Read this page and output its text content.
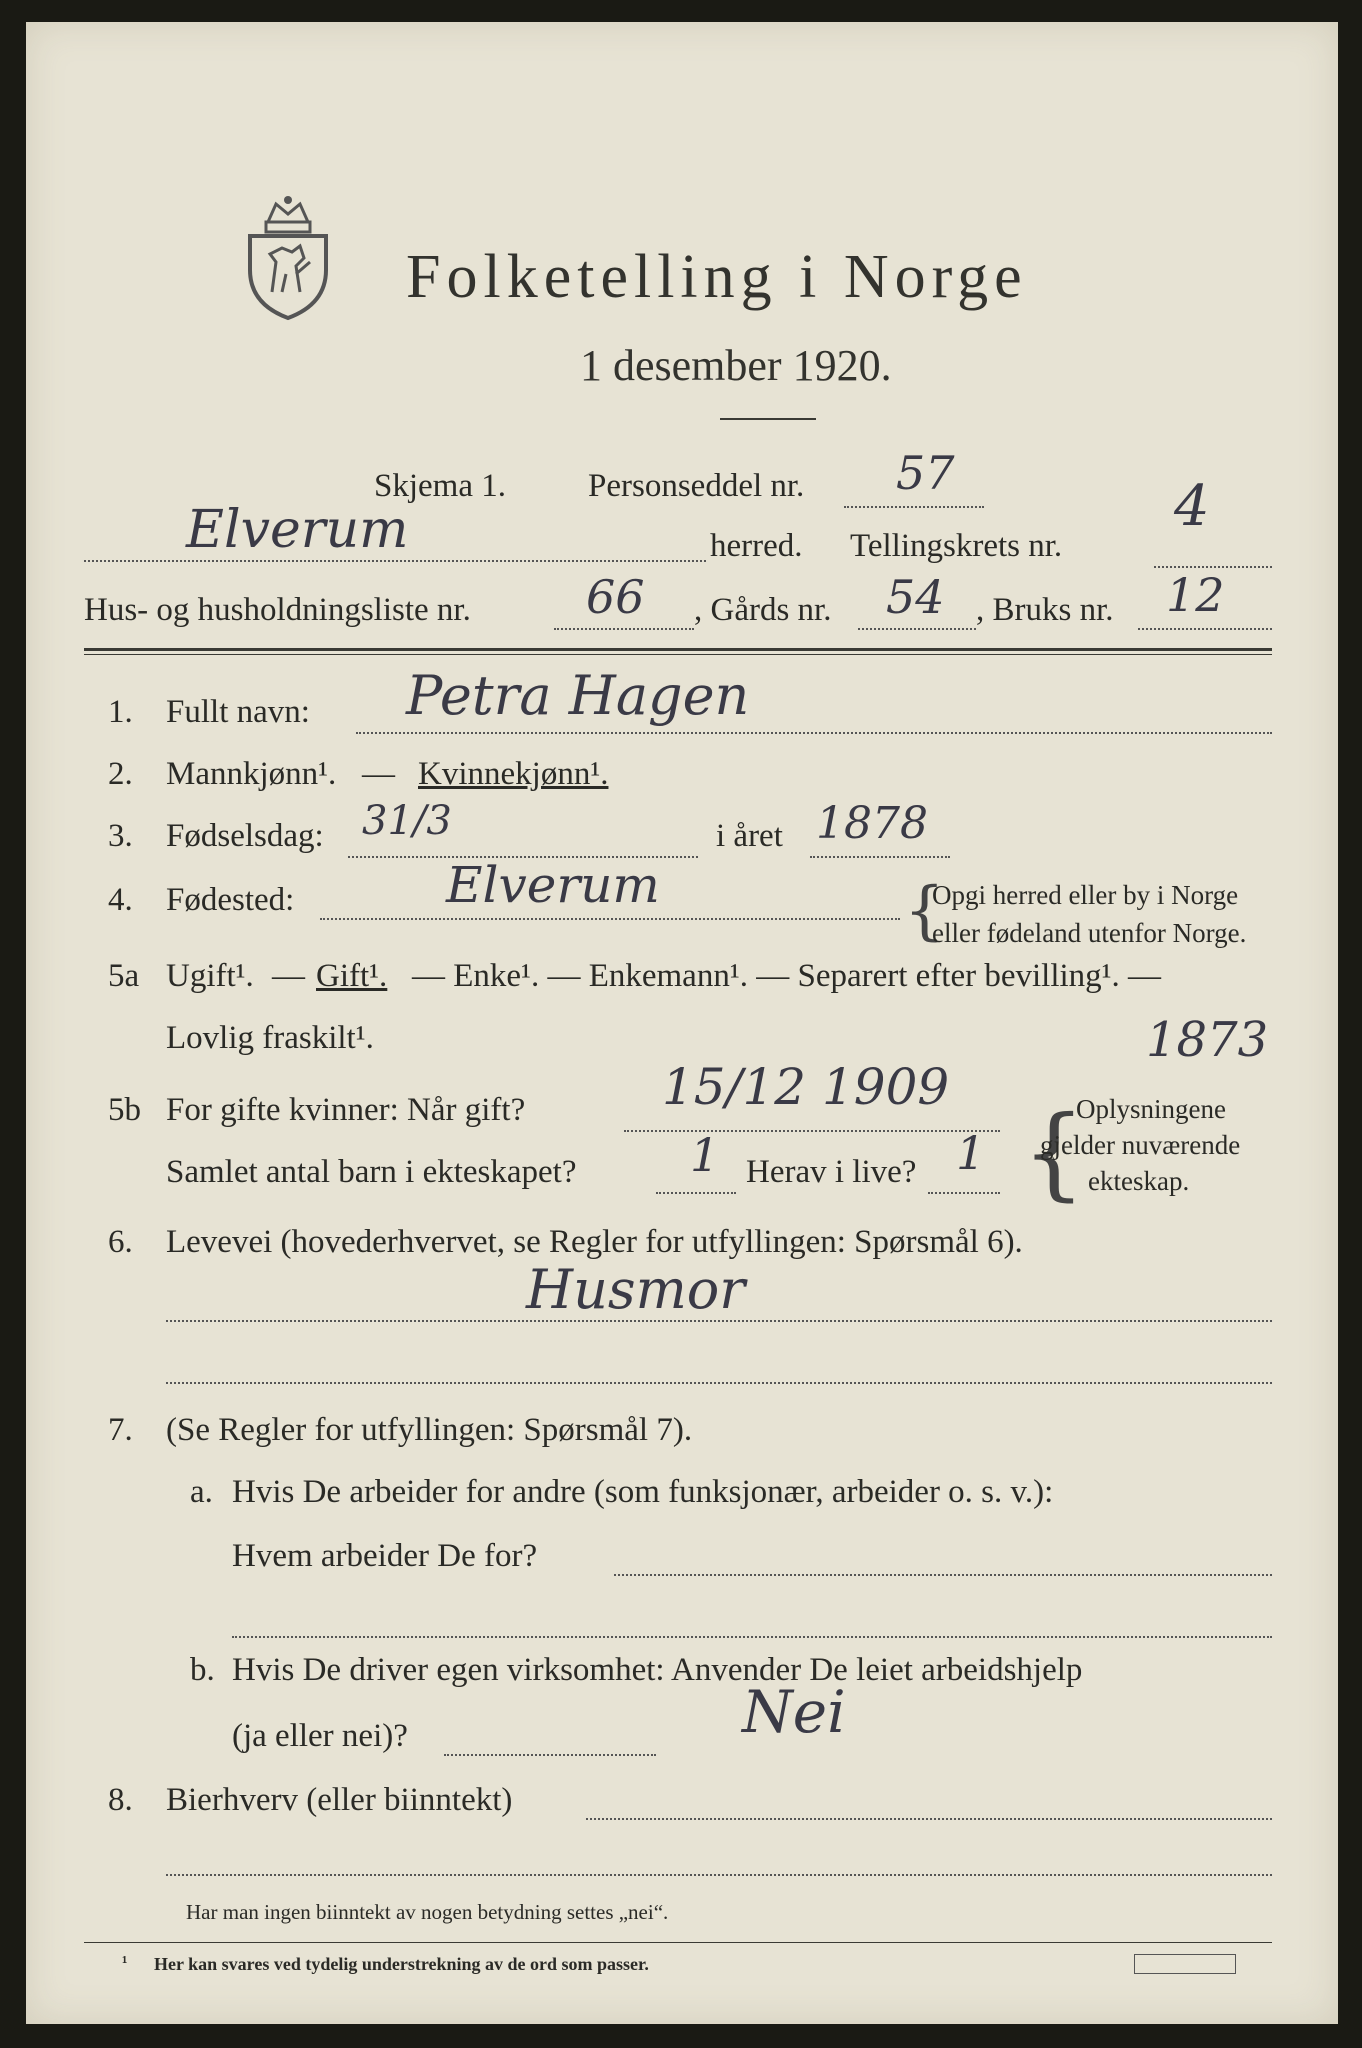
Folketelling i Norge
1 desember 1920.
Skjema 1. Personseddel nr. 57
Elverum	herred. Tellingskrets nr.
4
Hus- og husholdningsliste nr.	66 , Gårds nr. 54 , Bruks nr. 12
1. Fullt navn: Petra Hagen
2. Mannkjønn¹. — Kvinnekjønn¹.
3. Fødselsdag: 31/3	i året 1878
4. Fødested:	Elverum	{
Opgi herred eller by i Norge
eller fødeland utenfor Norge.
5a Ugift¹. — Gift¹. — Enke¹. — Enkemann¹. — Separert efter bevilling¹. —
Lovlig fraskilt¹.
5b For gifte kvinner: Når gift?	15/12 1909
1873
Samlet antal barn i ekteskapet? 1 Herav i live? 1 {
Oplysningene
gjelder nuværende
ekteskap.
6. Levevei (hovederhvervet, se Regler for utfyllingen: Spørsmål 6).
Husmor
7. (Se Regler for utfyllingen: Spørsmål 7).
a. Hvis De arbeider for andre (som funksjonær, arbeider o. s. v.):
Hvem arbeider De for?
b. Hvis De driver egen virksomhet: Anvender De leiet arbeidshjelp
(ja eller nei)?	Nei
8. Bierhverv (eller biinntekt)
Har man ingen biinntekt av nogen betydning settes „nei“.
¹ Her kan svares ved tydelig understrekning av de ord som passer.
